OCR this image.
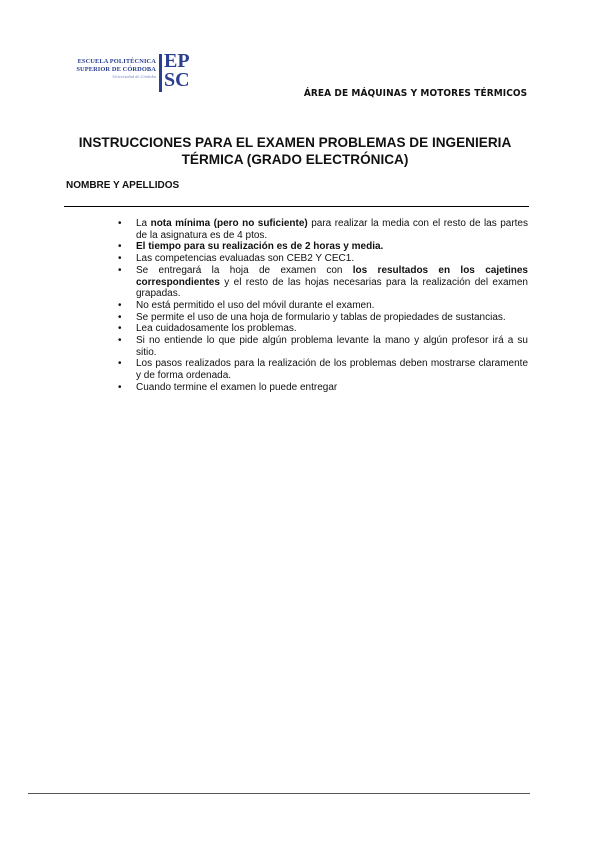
ESCUELA POLITÉCNICA
SUPERIOR DE CÓRDOBA
Universidad de Córdoba
EP
SC
ÁREA DE MÁQUINAS Y MOTORES TÉRMICOS
INSTRUCCIONES PARA EL EXAMEN PROBLEMAS DE INGENIERIA
TÉRMICA (GRADO ELECTRÓNICA)
NOMBRE Y APELLIDOS
• La nota mínima (pero no suficiente) para realizar la media con el resto de las partes de la asignatura es de 4 ptos.
• El tiempo para su realización es de 2 horas y media.
• Las competencias evaluadas son CEB2 Y CEC1.
• Se entregará la hoja de examen con los resultados en los cajetines correspondientes y el resto de las hojas necesarias para la realización del examen grapadas.
• No está permitido el uso del móvil durante el examen.
• Se permite el uso de una hoja de formulario y tablas de propiedades de sustancias.
• Lea cuidadosamente los problemas.
• Si no entiende lo que pide algún problema levante la mano y algún profesor irá a su sitio.
• Los pasos realizados para la realización de los problemas deben mostrarse claramente y de forma ordenada.
• Cuando termine el examen lo puede entregar
